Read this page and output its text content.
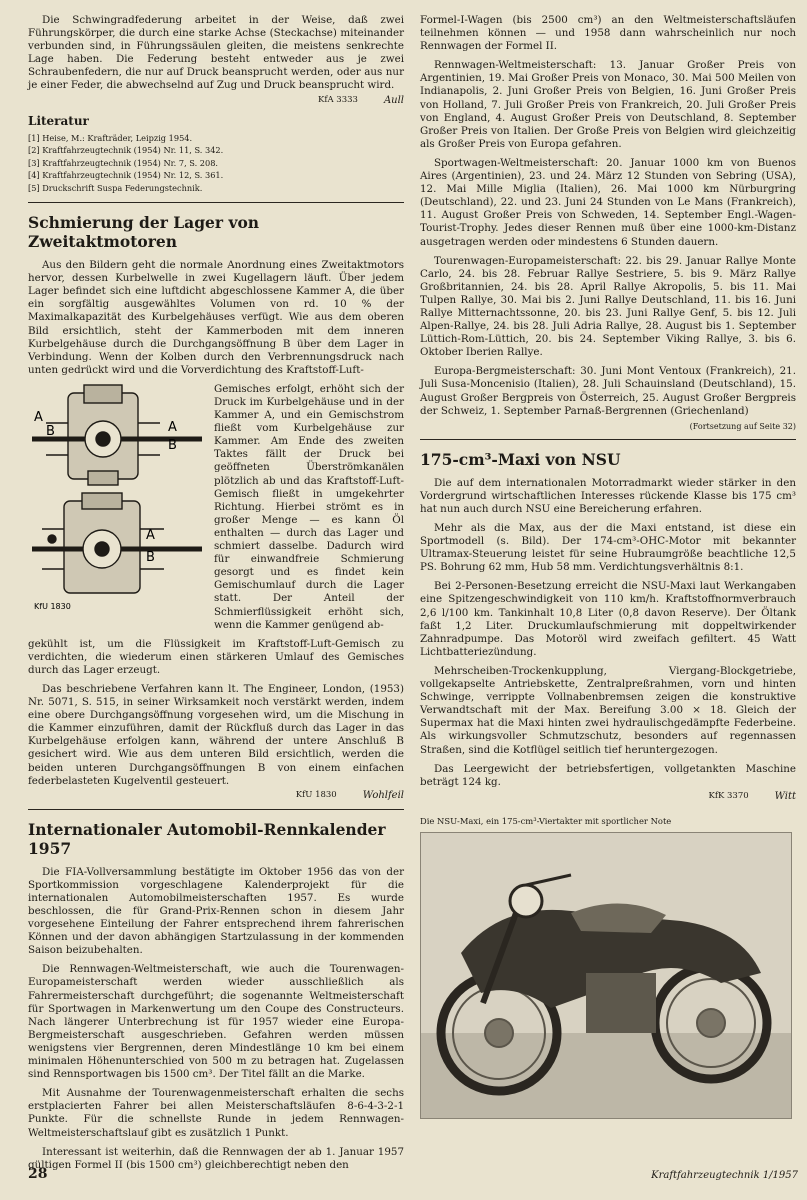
Die Schwingradfederung arbeitet in der Weise, daß zwei Führungskörper, die durch eine starke Achse (Steckachse) miteinander verbunden sind, in Führungssäulen gleiten, die meistens senkrechte Lage haben. Die Federung besteht entweder aus je zwei Schraubenfedern, die nur auf Druck beansprucht werden, oder aus nur je einer Feder, die abwechselnd auf Zug und Druck beansprucht wird.

KfA 3333	Aull
Literatur
[1] Heise, M.: Krafträder, Leipzig 1954.
[2] Kraftfahrzeugtechnik (1954) Nr. 11, S. 342.
[3] Kraftfahrzeugtechnik (1954) Nr. 7, S. 208.
[4] Kraftfahrzeugtechnik (1954) Nr. 12, S. 361.
[5] Druckschrift Suspa Federungstechnik.
Schmierung der Lager von Zweitaktmotoren

Aus den Bildern geht die normale Anordnung eines Zweitaktmotors hervor, dessen Kurbelwelle in zwei Kugellagern läuft. Über jedem Lager befindet sich eine luftdicht abgeschlossene Kammer A, die über ein sorgfältig ausgewähltes Volumen von rd. 10 % der Maximalkapazität des Kurbelgehäuses verfügt. Wie aus dem oberen Bild ersichtlich, steht der Kammerboden mit dem inneren Kurbelgehäuse durch die Durchgangsöffnung B über dem Lager in Verbindung. Wenn der Kolben durch den Verbrennungsdruck nach unten gedrückt wird und die Vorverdichtung des Kraftstoff-Luft-

A
B	A
B
A
B
KfU 1830

Gemisches erfolgt, erhöht sich der Druck im Kurbelgehäuse und in der Kammer A, und ein Gemischstrom fließt vom Kurbelgehäuse zur Kammer. Am Ende des zweiten Taktes fällt der Druck bei geöffneten Überströmkanälen plötzlich ab und das Kraftstoff-Luft-Gemisch fließt in umgekehrter Richtung. Hierbei strömt es in großer Menge — es kann Öl enthalten — durch das Lager und schmiert dasselbe. Dadurch wird für einwandfreie Schmierung gesorgt und es findet kein Gemischumlauf durch die Lager statt. Der Anteil der Schmierflüssigkeit erhöht sich, wenn die Kammer genügend ab-

gekühlt ist, um die Flüssigkeit im Kraftstoff-Luft-Gemisch zu verdichten, die wiederum einen stärkeren Umlauf des Gemisches durch das Lager erzeugt.

Das beschriebene Verfahren kann lt. The Engineer, London, (1953) Nr. 5071, S. 515, in seiner Wirksamkeit noch verstärkt werden, indem eine obere Durchgangsöffnung vorgesehen wird, um die Mischung in die Kammer einzuführen, damit der Rückfluß durch das Lager in das Kurbelgehäuse erfolgen kann, während der untere Anschluß B gesichert wird. Wie aus dem unteren Bild ersichtlich, werden die beiden unteren Durchgangsöffnungen B von einem einfachen federbelasteten Kugelventil gesteuert.

KfU 1830	Wohlfeil
Internationaler Automobil-Rennkalender 1957

Die FIA-Vollversammlung bestätigte im Oktober 1956 das von der Sportkommission vorgeschlagene Kalenderprojekt für die internationalen Automobilmeisterschaften 1957. Es wurde beschlossen, die für Grand-Prix-Rennen schon in diesem Jahr vorgesehene Einteilung der Fahrer entsprechend ihrem fahrerischen Können und der davon abhängigen Startzulassung in der kommenden Saison beizubehalten.

Die Rennwagen-Weltmeisterschaft, wie auch die Tourenwagen-Europameisterschaft werden wieder ausschließlich als Fahrermeisterschaft durchgeführt; die sogenannte Weltmeisterschaft für Sportwagen in Markenwertung um den Coupe des Constructeurs. Nach längerer Unterbrechung ist für 1957 wieder eine Europa-Bergmeisterschaft ausgeschrieben. Gefahren werden müssen wenigstens vier Bergrennen, deren Mindestlänge 10 km bei einem minimalen Höhenunterschied von 500 m zu betragen hat. Zugelassen sind Rennsportwagen bis 1500 cm³. Der Titel fällt an die Marke.

Mit Ausnahme der Tourenwagenmeisterschaft erhalten die sechs erstplacierten Fahrer bei allen Meisterschaftsläufen 8-6-4-3-2-1 Punkte. Für die schnellste Runde in jedem Rennwagen-Weltmeisterschaftslauf gibt es zusätzlich 1 Punkt.

Interessant ist weiterhin, daß die Rennwagen der ab 1. Januar 1957 gültigen Formel II (bis 1500 cm³) gleichberechtigt neben den

Formel-I-Wagen (bis 2500 cm³) an den Weltmeisterschaftsläufen teilnehmen können — und 1958 dann wahrscheinlich nur noch Rennwagen der Formel II.

Rennwagen-Weltmeisterschaft: 13. Januar Großer Preis von Argentinien, 19. Mai Großer Preis von Monaco, 30. Mai 500 Meilen von Indianapolis, 2. Juni Großer Preis von Belgien, 16. Juni Großer Preis von Holland, 7. Juli Großer Preis von Frankreich, 20. Juli Großer Preis von England, 4. August Großer Preis von Deutschland, 8. September Großer Preis von Italien. Der Große Preis von Belgien wird gleichzeitig als Großer Preis von Europa gefahren.

Sportwagen-Weltmeisterschaft: 20. Januar 1000 km von Buenos Aires (Argentinien), 23. und 24. März 12 Stunden von Sebring (USA), 12. Mai Mille Miglia (Italien), 26. Mai 1000 km Nürburgring (Deutschland), 22. und 23. Juni 24 Stunden von Le Mans (Frankreich), 11. August Großer Preis von Schweden, 14. September Engl.-Wagen-Tourist-Trophy. Jedes dieser Rennen muß über eine 1000-km-Distanz ausgetragen werden oder mindestens 6 Stunden dauern.

Tourenwagen-Europameisterschaft: 22. bis 29. Januar Rallye Monte Carlo, 24. bis 28. Februar Rallye Sestriere, 5. bis 9. März Rallye Großbritannien, 24. bis 28. April Rallye Akropolis, 5. bis 11. Mai Tulpen Rallye, 30. Mai bis 2. Juni Rallye Deutschland, 11. bis 16. Juni Rallye Mitternachtssonne, 20. bis 23. Juni Rallye Genf, 5. bis 12. Juli Alpen-Rallye, 24. bis 28. Juli Adria Rallye, 28. August bis 1. September Lüttich-Rom-Lüttich, 20. bis 24. September Viking Rallye, 3. bis 6. Oktober Iberien Rallye.

Europa-Bergmeisterschaft: 30. Juni Mont Ventoux (Frankreich), 21. Juli Susa-Moncenisio (Italien), 28. Juli Schauinsland (Deutschland), 15. August Großer Bergpreis von Österreich, 25. August Großer Bergpreis der Schweiz, 1. September Parnaß-Bergrennen (Griechenland)

(Fortsetzung auf Seite 32)
175-cm³-Maxi von NSU

Die auf dem internationalen Motorradmarkt wieder stärker in den Vordergrund wirtschaftlichen Interesses rückende Klasse bis 175 cm³ hat nun auch durch NSU eine Bereicherung erfahren.

Mehr als die Max, aus der die Maxi entstand, ist diese ein Sportmodell (s. Bild). Der 174-cm³-OHC-Motor mit bekannter Ultramax-Steuerung leistet für seine Hubraumgröße beachtliche 12,5 PS. Bohrung 62 mm, Hub 58 mm. Verdichtungsverhältnis 8:1.

Bei 2-Personen-Besetzung erreicht die NSU-Maxi laut Werkangaben eine Spitzengeschwindigkeit von 110 km/h. Kraftstoffnormverbrauch 2,6 l/100 km. Tankinhalt 10,8 Liter (0,8 davon Reserve). Der Öltank faßt 1,2 Liter. Druckumlaufschmierung mit doppeltwirkender Zahnradpumpe. Das Motoröl wird zweifach gefiltert. 45 Watt Lichtbatteriezündung.

Mehrscheiben-Trockenkupplung, Viergang-Blockgetriebe, vollgekapselte Antriebskette, Zentralpreßrahmen, vorn und hinten Schwinge, verrippte Vollnabenbremsen zeigen die konstruktive Verwandtschaft mit der Max. Bereifung 3.00 × 18. Gleich der Supermax hat die Maxi hinten zwei hydraulischgedämpfte Federbeine. Als wirkungsvoller Schmutzschutz, besonders auf regennassen Straßen, sind die Kotflügel seitlich tief heruntergezogen.

Das Leergewicht der betriebsfertigen, vollgetankten Maschine beträgt 124 kg.

KfK 3370	Witt
Die NSU-Maxi, ein 175-cm³-Viertakter mit sportlicher Note
28	Kraftfahrzeugtechnik 1/1957
